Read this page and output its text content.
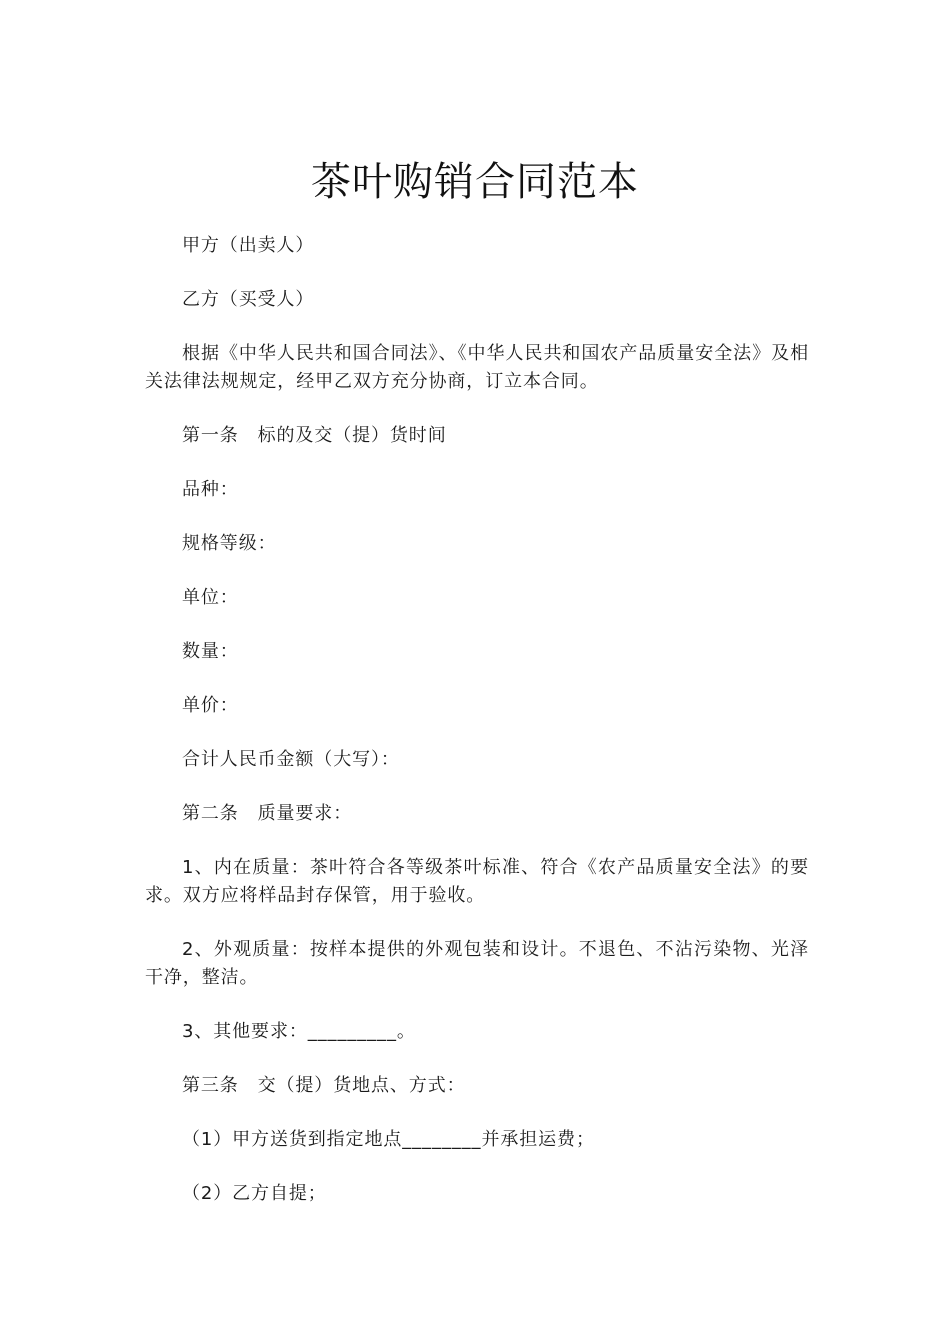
茶叶购销合同范本

甲方（出卖人）

乙方（买受人）

根据《中华人民共和国合同法》、《中华人民共和国农产品质量安全法》及相关法律法规规定，经甲乙双方充分协商，订立本合同。

第一条　标的及交（提）货时间

品种：

规格等级：

单位：

数量：

单价：

合计人民币金额（大写）：

第二条　质量要求：

1、内在质量：茶叶符合各等级茶叶标准、符合《农产品质量安全法》的要求。双方应将样品封存保管，用于验收。

2、外观质量：按样本提供的外观包装和设计。不退色、不沾污染物、光泽干净，整洁。

3、其他要求：_________。

第三条　交（提）货地点、方式：

（1）甲方送货到指定地点________并承担运费；

（2）乙方自提；
